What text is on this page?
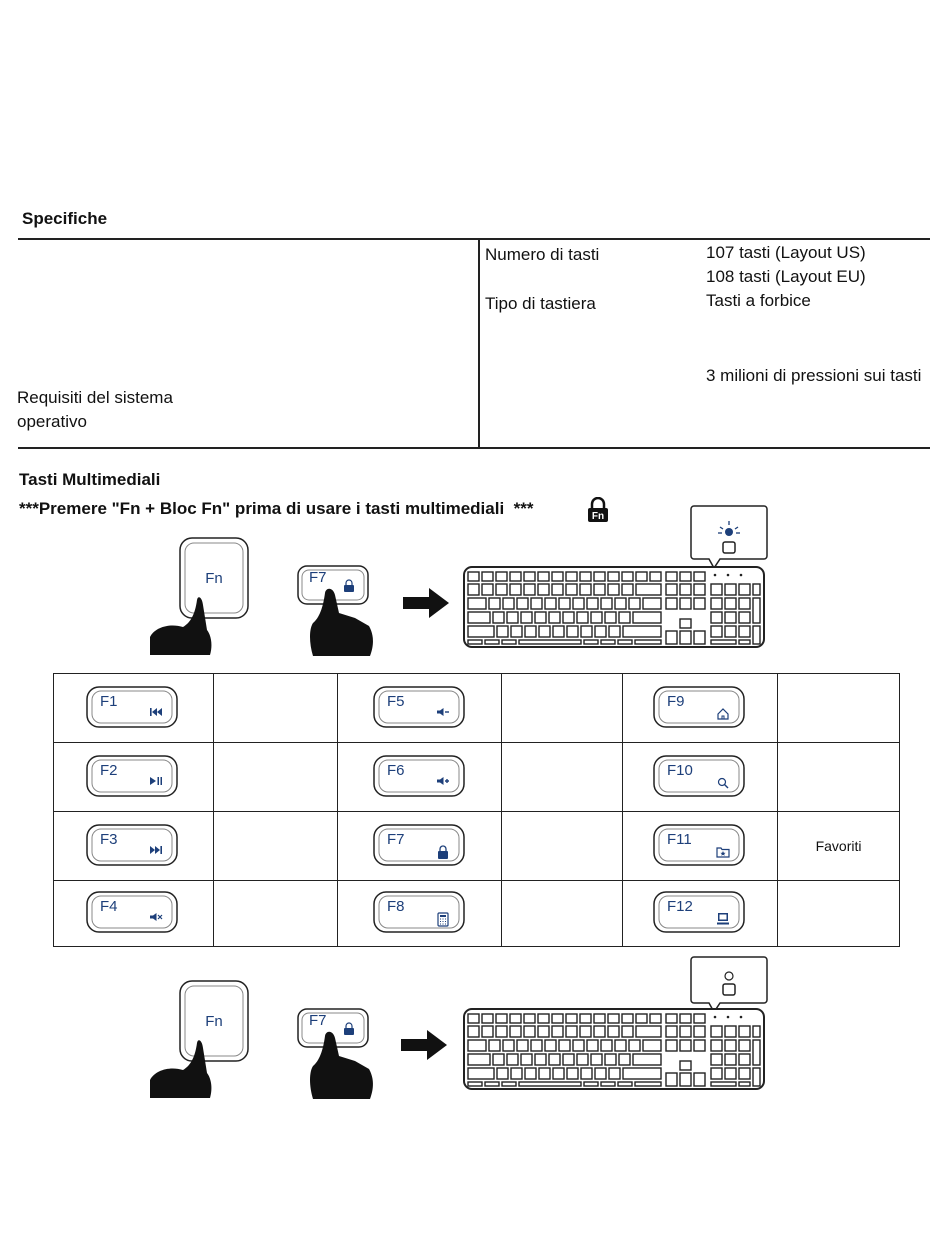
Specifiche
Numero di tasti	107 tasti (Layout US)
108 tasti (Layout EU)
Tipo di tastiera	Tasti a forbice
3 milioni di pressioni sui tasti
Requisiti del sistema
operativo
Tasti Multimediali
***Premere "Fn + Bloc Fn" prima di usare i tasti multimediali  ***	Fn
Fn	F7
F1		F5		F9	

F2		F6		F10	

F3		F7		F11	Favoriti

F4		F8		F12	

Fn	F7
